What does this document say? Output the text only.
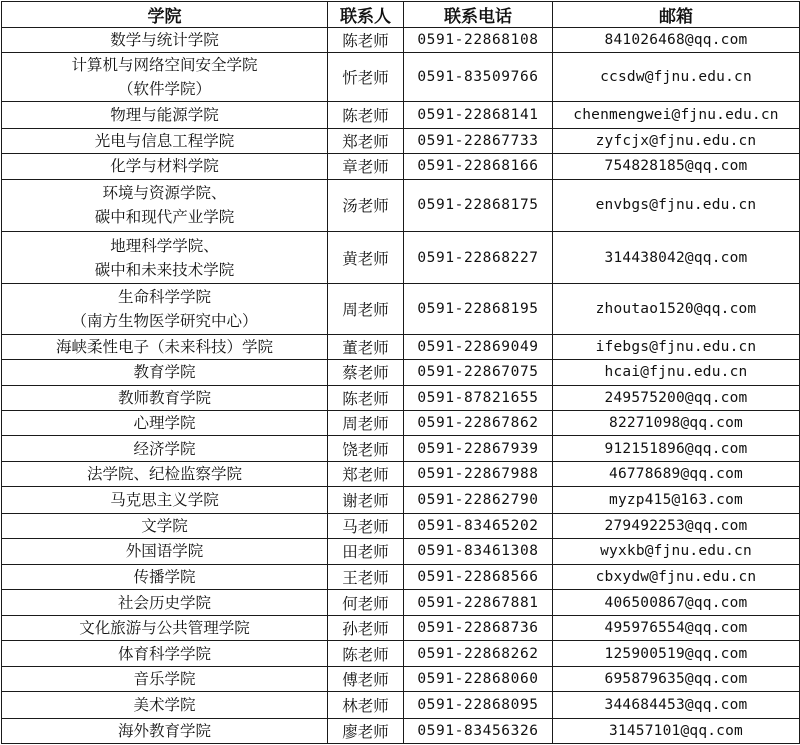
学院	联系人	联系电话	邮箱

数学与统计学院	陈老师	0591-22868108	841026468@qq.com

计算机与网络空间安全学院
（软件学院）	忻老师	0591-83509766	ccsdw@fjnu.edu.cn

物理与能源学院	陈老师	0591-22868141	chenmengwei@fjnu.edu.cn

光电与信息工程学院	郑老师	0591-22867733	zyfcjx@fjnu.edu.cn

化学与材料学院	章老师	0591-22868166	754828185@qq.com

环境与资源学院、
碳中和现代产业学院	汤老师	0591-22868175	envbgs@fjnu.edu.cn

地理科学学院、
碳中和未来技术学院	黄老师	0591-22868227	314438042@qq.com

生命科学学院
（南方生物医学研究中心）	周老师	0591-22868195	zhoutao1520@qq.com

海峡柔性电子（未来科技）学院	董老师	0591-22869049	ifebgs@fjnu.edu.cn

教育学院	蔡老师	0591-22867075	hcai@fjnu.edu.cn

教师教育学院	陈老师	0591-87821655	249575200@qq.com

心理学院	周老师	0591-22867862	82271098@qq.com

经济学院	饶老师	0591-22867939	912151896@qq.com

法学院、纪检监察学院	郑老师	0591-22867988	46778689@qq.com

马克思主义学院	谢老师	0591-22862790	myzp415@163.com

文学院	马老师	0591-83465202	279492253@qq.com

外国语学院	田老师	0591-83461308	wyxkb@fjnu.edu.cn

传播学院	王老师	0591-22868566	cbxydw@fjnu.edu.cn

社会历史学院	何老师	0591-22867881	406500867@qq.com

文化旅游与公共管理学院	孙老师	0591-22868736	495976554@qq.com

体育科学学院	陈老师	0591-22868262	125900519@qq.com

音乐学院	傅老师	0591-22868060	695879635@qq.com

美术学院	林老师	0591-22868095	344684453@qq.com

海外教育学院	廖老师	0591-83456326	31457101@qq.com
